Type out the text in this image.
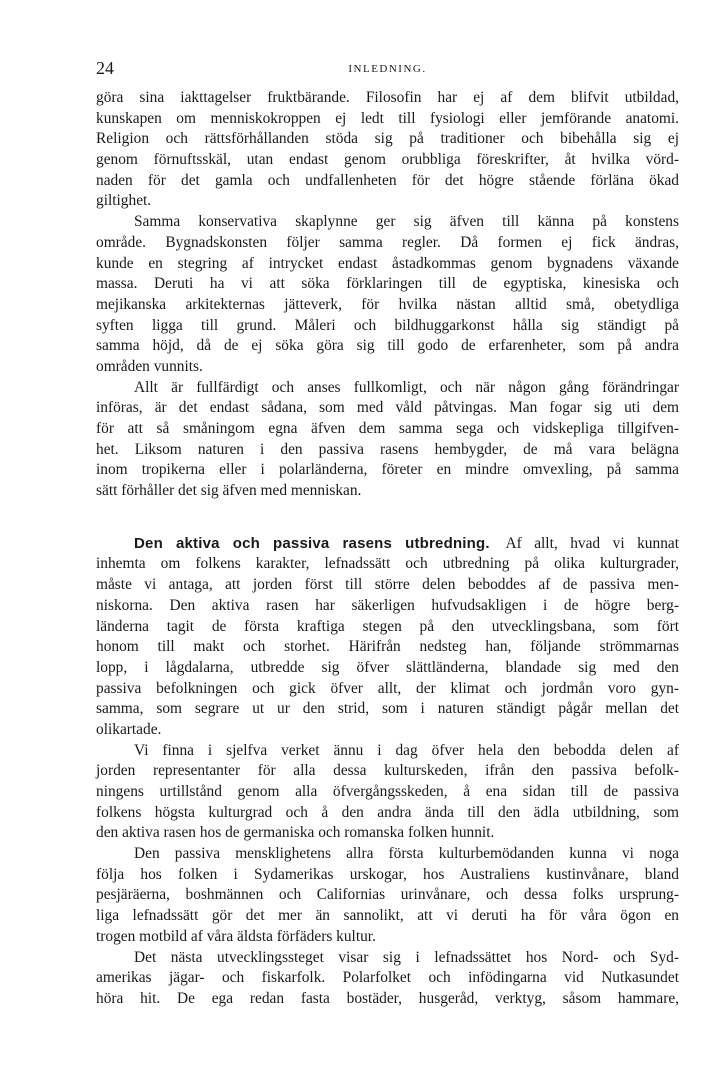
24	INLEDNING.
göra sina iakttagelser fruktbärande. Filosofin har ej af dem blifvit utbildad,
kunskapen om menniskokroppen ej ledt till fysiologi eller jemförande anatomi.
Religion och rättsförhållanden stöda sig på traditioner och bibehålla sig ej
genom förnuftsskäl, utan endast genom orubbliga föreskrifter, åt hvilka vörd-
naden för det gamla och undfallenheten för det högre stående förläna ökad
giltighet.
Samma konservativa skaplynne ger sig äfven till känna på konstens
område. Bygnadskonsten följer samma regler. Då formen ej fick ändras,
kunde en stegring af intrycket endast åstadkommas genom bygnadens växande
massa. Deruti ha vi att söka förklaringen till de egyptiska, kinesiska och
mejikanska arkitekternas jätteverk, för hvilka nästan alltid små, obetydliga
syften ligga till grund. Måleri och bildhuggarkonst hålla sig ständigt på
samma höjd, då de ej söka göra sig till godo de erfarenheter, som på andra
områden vunnits.
Allt är fullfärdigt och anses fullkomligt, och när någon gång förändringar
införas, är det endast sådana, som med våld påtvingas. Man fogar sig uti dem
för att så småningom egna äfven dem samma sega och vidskepliga tillgifven-
het. Liksom naturen i den passiva rasens hembygder, de må vara belägna
inom tropikerna eller i polarländerna, företer en mindre omvexling, på samma
sätt förhåller det sig äfven med menniskan.
Den aktiva och passiva rasens utbredning. Af allt, hvad vi kunnat
inhemta om folkens karakter, lefnadssätt och utbredning på olika kulturgrader,
måste vi antaga, att jorden först till större delen beboddes af de passiva men-
niskorna. Den aktiva rasen har säkerligen hufvudsakligen i de högre berg-
länderna tagit de första kraftiga stegen på den utvecklingsbana, som fört
honom till makt och storhet. Härifrån nedsteg han, följande strömmarnas
lopp, i lågdalarna, utbredde sig öfver slättländerna, blandade sig med den
passiva befolkningen och gick öfver allt, der klimat och jordmån voro gyn-
samma, som segrare ut ur den strid, som i naturen ständigt pågår mellan det
olikartade.
Vi finna i sjelfva verket ännu i dag öfver hela den bebodda delen af
jorden representanter för alla dessa kulturskeden, ifrån den passiva befolk-
ningens urtillstånd genom alla öfvergångsskeden, å ena sidan till de passiva
folkens högsta kulturgrad och å den andra ända till den ädla utbildning, som
den aktiva rasen hos de germaniska och romanska folken hunnit.
Den passiva mensklighetens allra första kulturbemödanden kunna vi noga
följa hos folken i Sydamerikas urskogar, hos Australiens kustinvånare, bland
pesjäräerna, boshmännen och Californias urinvånare, och dessa folks ursprung-
liga lefnadssätt gör det mer än sannolikt, att vi deruti ha för våra ögon en
trogen motbild af våra äldsta förfäders kultur.
Det nästa utvecklingssteget visar sig i lefnadssättet hos Nord- och Syd-
amerikas jägar- och fiskarfolk. Polarfolket och infödingarna vid Nutkasundet
höra hit. De ega redan fasta bostäder, husgeråd, verktyg, såsom hammare,
